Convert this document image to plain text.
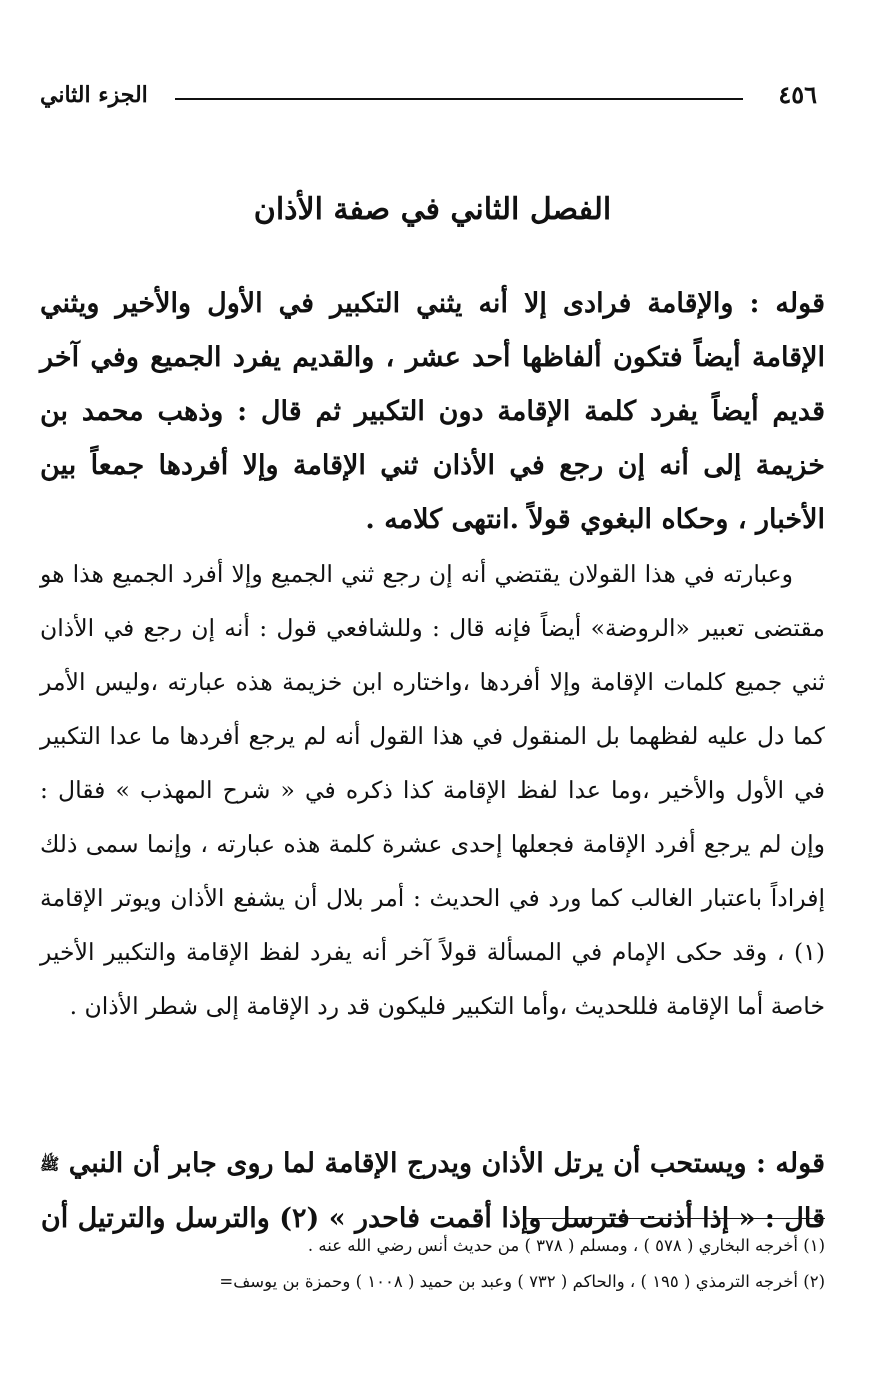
٤٥٦
الجزء الثاني
الفصل الثاني في صفة الأذان

قوله : والإقامة فرادى إلا أنه يثني التكبير في الأول والأخير ويثني الإقامة أيضاً فتكون ألفاظها أحد عشر ، والقديم يفرد الجميع وفي آخر قديم أيضاً يفرد كلمة الإقامة دون التكبير ثم قال : وذهب محمد بن خزيمة إلى أنه إن رجع في الأذان ثني الإقامة وإلا أفردها جمعاً بين الأخبار ، وحكاه البغوي قولاً .انتهى كلامه .

وعبارته في هذا القولان يقتضي أنه إن رجع ثني الجميع وإلا أفرد الجميع هذا هو مقتضى تعبير «الروضة» أيضاً فإنه قال : وللشافعي قول : أنه إن رجع في الأذان ثني جميع كلمات الإقامة وإلا أفردها ،واختاره ابن خزيمة هذه عبارته ،وليس الأمر كما دل عليه لفظهما بل المنقول في هذا القول أنه لم يرجع أفردها ما عدا التكبير في الأول والأخير ،وما عدا لفظ الإقامة كذا ذكره في « شرح المهذب » فقال : وإن لم يرجع أفرد الإقامة فجعلها إحدى عشرة كلمة هذه عبارته ، وإنما سمى ذلك إفراداً باعتبار الغالب كما ورد في الحديث : أمر بلال أن يشفع الأذان ويوتر الإقامة (١) ، وقد حكى الإمام في المسألة قولاً آخر أنه يفرد لفظ الإقامة والتكبير الأخير خاصة أما الإقامة فللحديث ،وأما التكبير فليكون قد رد الإقامة إلى شطر الأذان .

قوله : ويستحب أن يرتل الأذان ويدرج الإقامة لما روى جابر أن النبي ﷺ قال : « إذا أذنت فترسل وإذا أقمت فاحدر » (٢) والترسل والترتيل أن

(١) أخرجه البخاري ( ٥٧٨ ) ، ومسلم ( ٣٧٨ ) من حديث أنس رضي الله عنه .
(٢) أخرجه الترمذي ( ١٩٥ ) ، والحاكم ( ٧٣٢ ) وعبد بن حميد ( ١٠٠٨ ) وحمزة بن يوسف=
